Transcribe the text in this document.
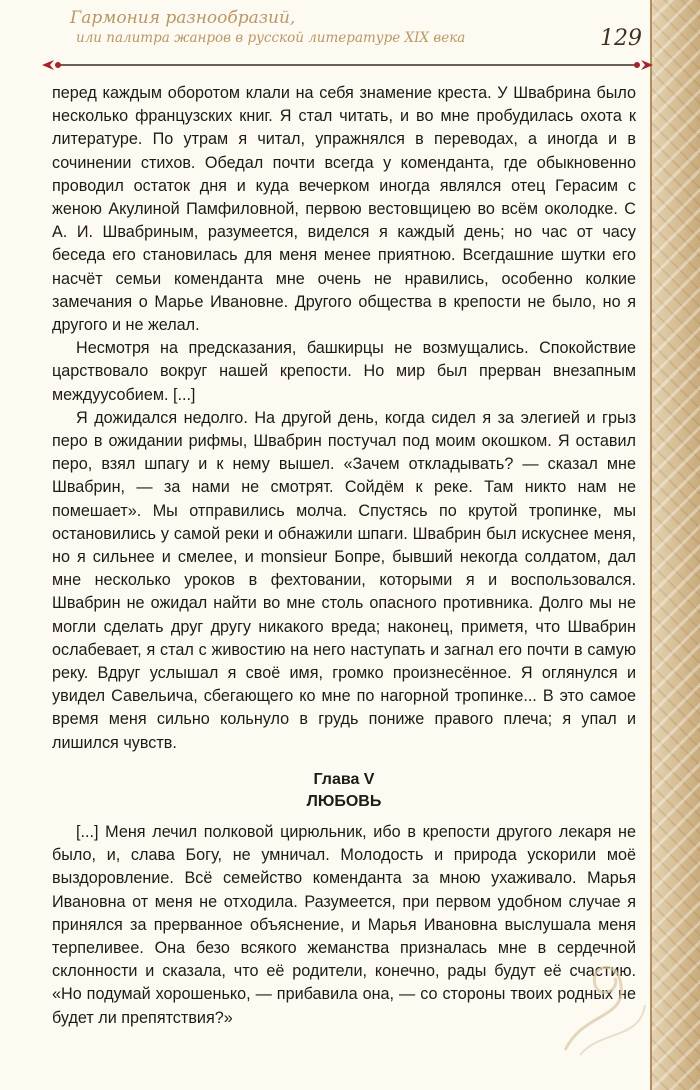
Гармония разнообразий,
или палитра жанров в русской литературе XIX века	129

перед каждым оборотом клали на себя знамение креста. У Швабрина было несколько французских книг. Я стал читать, и во мне пробудилась охота к литературе. По утрам я читал, упражнялся в переводах, а иногда и в сочинении стихов. Обедал почти всегда у коменданта, где обыкновенно проводил остаток дня и куда вечерком иногда являлся отец Герасим с женою Акулиной Памфиловной, первою вестовщицею во всём околодке. С А. И. Швабриным, разумеется, виделся я каждый день; но час от часу беседа его становилась для меня менее приятною. Всегдашние шутки его насчёт семьи коменданта мне очень не нравились, особенно колкие замечания о Марье Ивановне. Другого общества в крепости не было, но я другого и не желал.

Несмотря на предсказания, башкирцы не возмущались. Спокойствие царствовало вокруг нашей крепости. Но мир был прерван внезапным междуусобием. [...]

Я дожидался недолго. На другой день, когда сидел я за элегией и грыз перо в ожидании рифмы, Швабрин постучал под моим окошком. Я оставил перо, взял шпагу и к нему вышел. «Зачем откладывать? — сказал мне Швабрин, — за нами не смотрят. Сойдём к реке. Там никто нам не помешает». Мы отправились молча. Спустясь по крутой тропинке, мы остановились у самой реки и обнажили шпаги. Швабрин был искуснее меня, но я сильнее и смелее, и monsieur Бопре, бывший некогда солдатом, дал мне несколько уроков в фехтовании, которыми я и воспользовался. Швабрин не ожидал найти во мне столь опасного противника. Долго мы не могли сделать друг другу никакого вреда; наконец, приметя, что Швабрин ослабевает, я стал с живостию на него наступать и загнал его почти в самую реку. Вдруг услышал я своё имя, громко произнесённое. Я оглянулся и увидел Савельича, сбегающего ко мне по нагорной тропинке... В это самое время меня сильно кольнуло в грудь пониже правого плеча; я упал и лишился чувств.

Глава V
ЛЮБОВЬ

[...] Меня лечил полковой цирюльник, ибо в крепости другого лекаря не было, и, слава Богу, не умничал. Молодость и природа ускорили моё выздоровление. Всё семейство коменданта за мною ухаживало. Марья Ивановна от меня не отходила. Разумеется, при первом удобном случае я принялся за прерванное объяснение, и Марья Ивановна выслушала меня терпеливее. Она безо всякого жеманства призналась мне в сердечной склонности и сказала, что её родители, конечно, рады будут её счастию. «Но подумай хорошенько, — прибавила она, — со стороны твоих родных не будет ли препятствия?»
